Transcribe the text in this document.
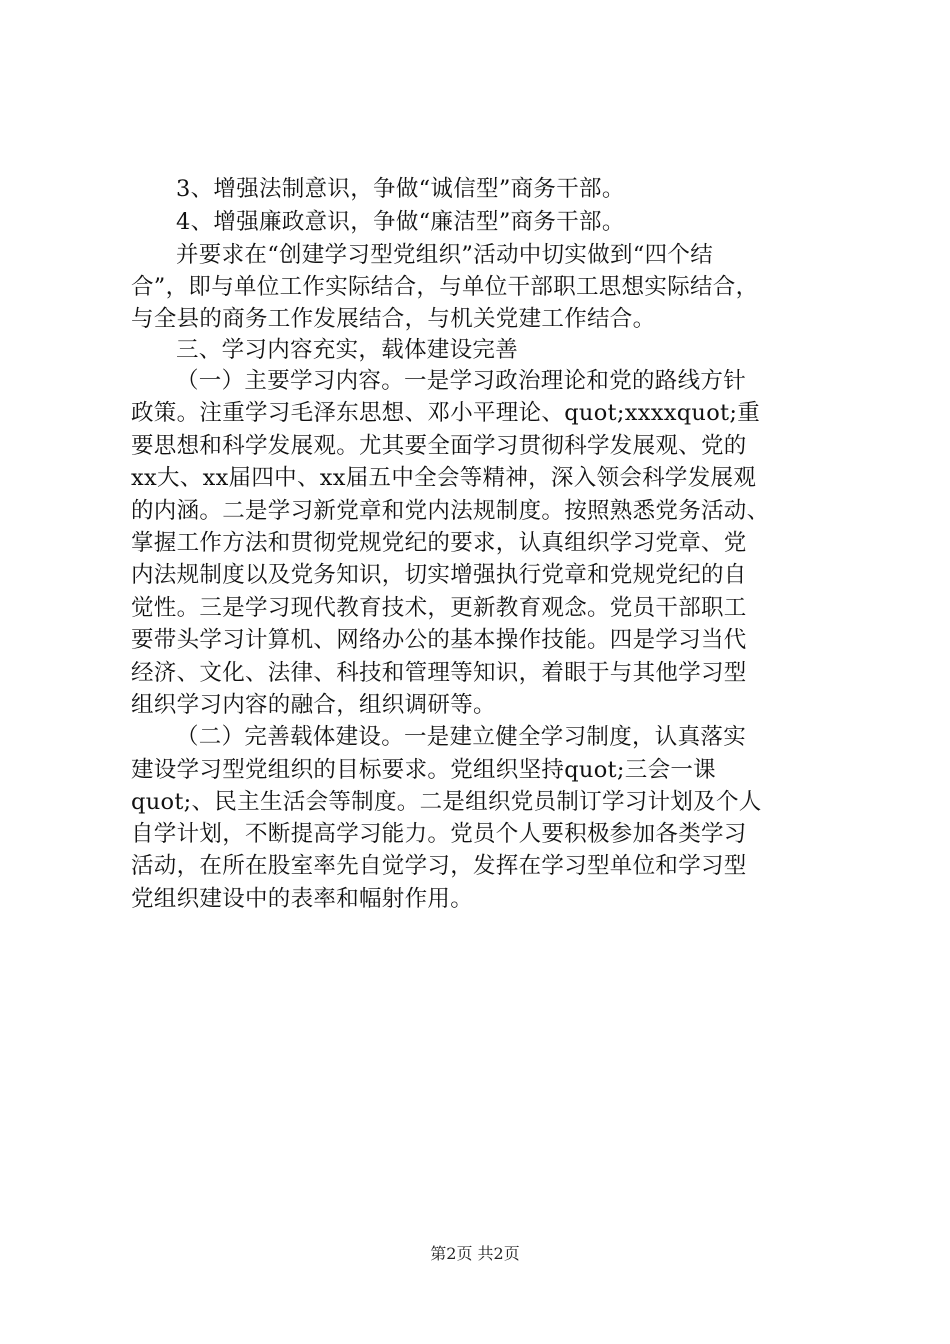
3、增强法制意识，争做“诚信型”商务干部。
4、增强廉政意识，争做“廉洁型”商务干部。
并要求在“创建学习型党组织”活动中切实做到“四个结
合”，即与单位工作实际结合，与单位干部职工思想实际结合，
与全县的商务工作发展结合，与机关党建工作结合。
三、学习内容充实，载体建设完善
（一）主要学习内容。一是学习政治理论和党的路线方针
政策。注重学习毛泽东思想、邓小平理论、quot;xxxxquot;重
要思想和科学发展观。尤其要全面学习贯彻科学发展观、党的
xx大、xx届四中、xx届五中全会等精神，深入领会科学发展观
的内涵。二是学习新党章和党内法规制度。按照熟悉党务活动、
掌握工作方法和贯彻党规党纪的要求，认真组织学习党章、党
内法规制度以及党务知识，切实增强执行党章和党规党纪的自
觉性。三是学习现代教育技术，更新教育观念。党员干部职工
要带头学习计算机、网络办公的基本操作技能。四是学习当代
经济、文化、法律、科技和管理等知识，着眼于与其他学习型
组织学习内容的融合，组织调研等。
（二）完善载体建设。一是建立健全学习制度，认真落实
建设学习型党组织的目标要求。党组织坚持quot;三会一课
quot;、民主生活会等制度。二是组织党员制订学习计划及个人
自学计划，不断提高学习能力。党员个人要积极参加各类学习
活动，在所在股室率先自觉学习，发挥在学习型单位和学习型
党组织建设中的表率和幅射作用。
第2页 共2页
